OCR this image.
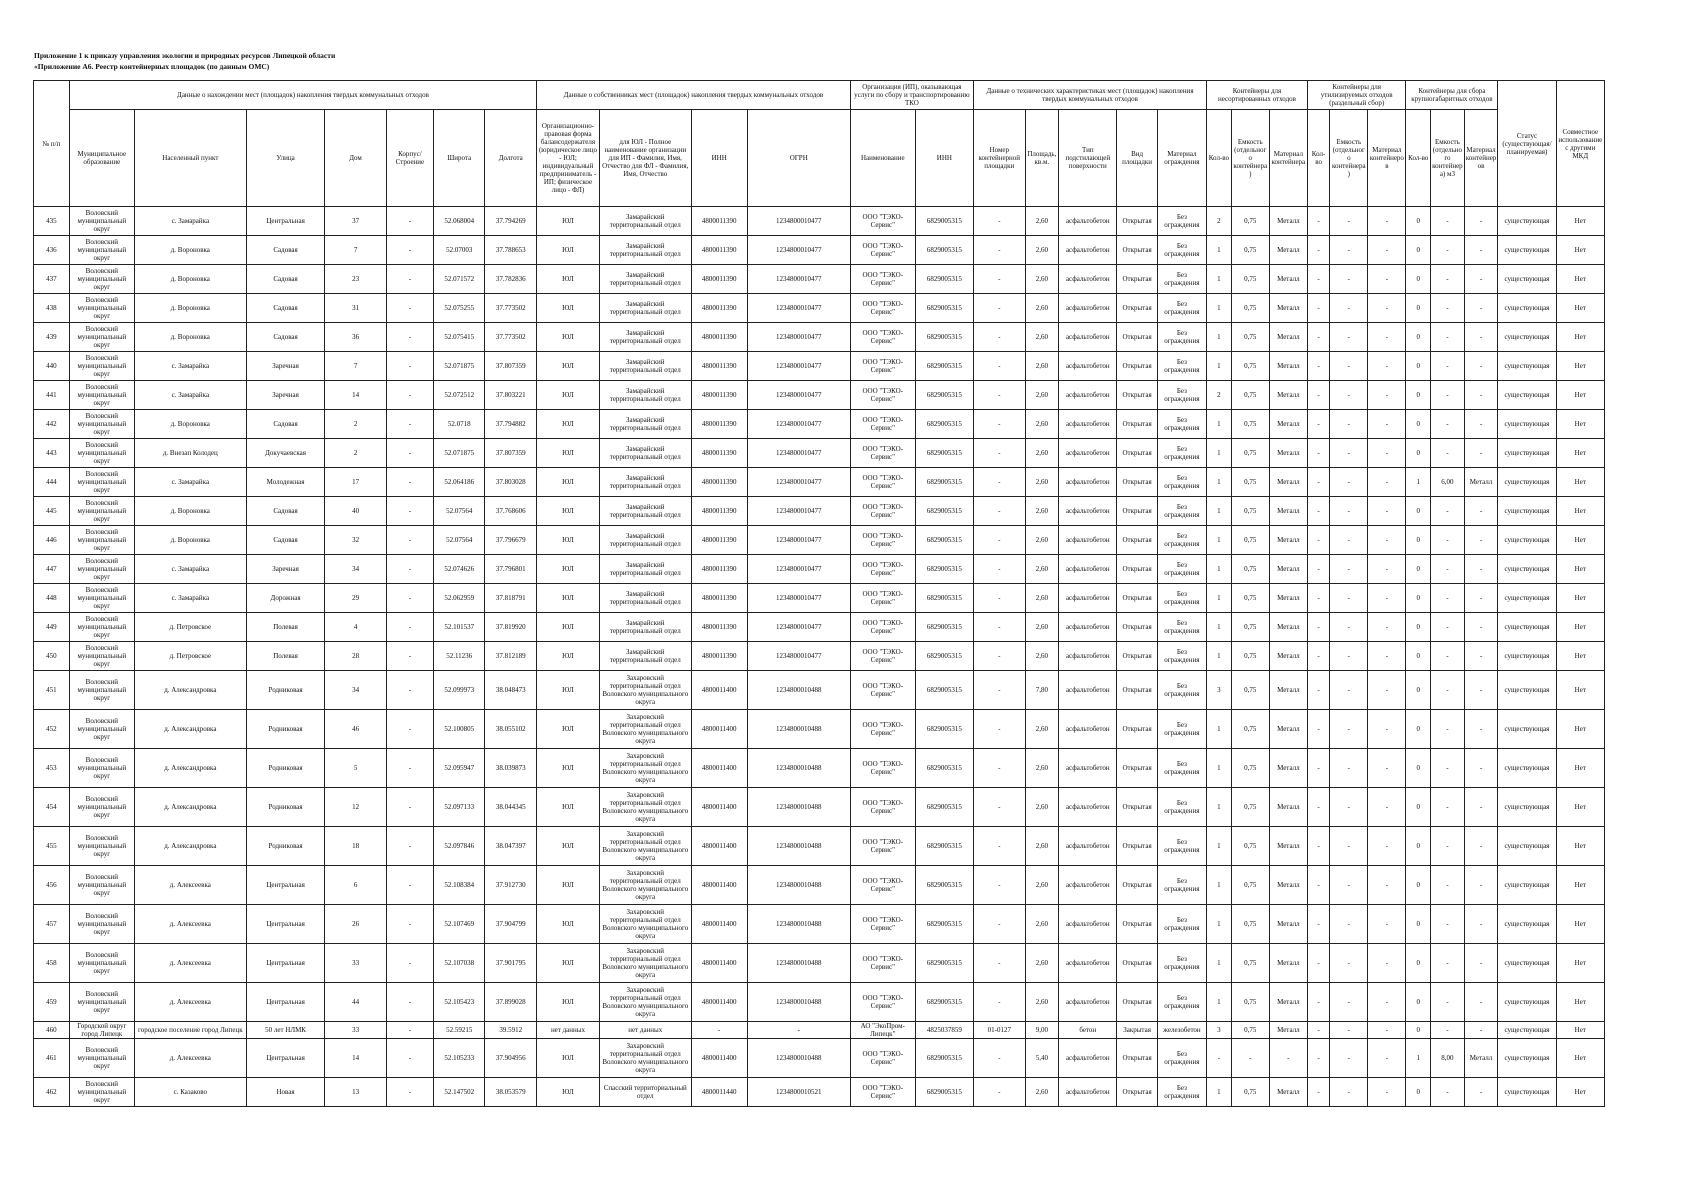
Приложение 1 к приказу управления экологии и природных ресурсов Липецкой области
«Приложение А6. Реестр контейнерных площадок (по данным ОМС)
№ п/п	Данные о нахождении мест (площадок) накопления твердых коммунальных отходов							Данные о собственниках мест (площадок) накопления твердых коммунальных отходов				Организация (ИП), оказывающая услуги по сбору и транспортированию ТКО		Данные о технических характеристиках мест (площадок) накопления твердых коммунальных отходов					Контейнеры для несортированных отходов			Контейнеры для утилизируемых отходов (раздельный сбор)			Контейнеры для сбора крупногабаритных отходов			Статус (существующая/ планируемая)	Совместное использование с другими МКД
	Муниципальное образование	Населенный пункт	Улица	Дом	Корпус/Строение	Широта	Долгота	Организационно-правовая форма балансодержателя (юридическое лицо - ЮЛ; индивидуальный предприниматель - ИП; физическое лицо - ФЛ)	для ЮЛ - Полное наименование организации для ИП - Фамилия, Имя, Отчество для ФЛ - Фамилия, Имя, Отчество	ИНН	ОГРН	Наименование	ИНН	Номер контейнерной площадки	Площадь, кв.м.	Тип подстилающей поверхности	Вид площадки	Материал ограждения	Кол-во	Емкость (отдельного контейнера)	Материал контейнера	Кол-во	Емкость (отдельного контейнера)	Материал контейнеров	Кол-во	Емкость (отдельного контейнера) м3	Материал контейнеров		
435	Воловский муниципальный округ	с. Замарайка	Центральная	37	-	52.068004	37.794269	ЮЛ	Замарайский территориальный отдел	4800011390	1234800010477	ООО "ТЭКО-Сервис"	6829005315	-	2,60	асфальтобетон	Открытая	Без ограждения	2	0,75	Металл	-	-	-	0	-	-	существующая	Нет
436	Воловский муниципальный округ	д. Вороновка	Садовая	7	-	52.07003	37.788653	ЮЛ	Замарайский территориальный отдел	4800011390	1234800010477	ООО "ТЭКО-Сервис"	6829005315	-	2,60	асфальтобетон	Открытая	Без ограждения	1	0,75	Металл	-	-	-	0	-	-	существующая	Нет
437	Воловский муниципальный округ	д. Вороновка	Садовая	23	-	52.071572	37.782836	ЮЛ	Замарайский территориальный отдел	4800011390	1234800010477	ООО "ТЭКО-Сервис"	6829005315	-	2,60	асфальтобетон	Открытая	Без ограждения	1	0,75	Металл	-	-	-	0	-	-	существующая	Нет
438	Воловский муниципальный округ	д. Вороновка	Садовая	31	-	52.075255	37.773502	ЮЛ	Замарайский территориальный отдел	4800011390	1234800010477	ООО "ТЭКО-Сервис"	6829005315	-	2,60	асфальтобетон	Открытая	Без ограждения	1	0,75	Металл	-	-	-	0	-	-	существующая	Нет
439	Воловский муниципальный округ	д. Вороновка	Садовая	36	-	52.075415	37.773502	ЮЛ	Замарайский территориальный отдел	4800011390	1234800010477	ООО "ТЭКО-Сервис"	6829005315	-	2,60	асфальтобетон	Открытая	Без ограждения	1	0,75	Металл	-	-	-	0	-	-	существующая	Нет
440	Воловский муниципальный округ	с. Замарайка	Заречная	7	-	52.071875	37.807359	ЮЛ	Замарайский территориальный отдел	4800011390	1234800010477	ООО "ТЭКО-Сервис"	6829005315	-	2,60	асфальтобетон	Открытая	Без ограждения	1	0,75	Металл	-	-	-	0	-	-	существующая	Нет
441	Воловский муниципальный округ	с. Замарайка	Заречная	14	-	52.072512	37.803221	ЮЛ	Замарайский территориальный отдел	4800011390	1234800010477	ООО "ТЭКО-Сервис"	6829005315	-	2,60	асфальтобетон	Открытая	Без ограждения	2	0,75	Металл	-	-	-	0	-	-	существующая	Нет
442	Воловский муниципальный округ	д. Вороновка	Садовая	2	-	52.0718	37.794882	ЮЛ	Замарайский территориальный отдел	4800011390	1234800010477	ООО "ТЭКО-Сервис"	6829005315	-	2,60	асфальтобетон	Открытая	Без ограждения	1	0,75	Металл	-	-	-	0	-	-	существующая	Нет
443	Воловский муниципальный округ	д. Внезап Колодец	Докучаевская	2	-	52.071875	37.807359	ЮЛ	Замарайский территориальный отдел	4800011390	1234800010477	ООО "ТЭКО-Сервис"	6829005315	-	2,60	асфальтобетон	Открытая	Без ограждения	1	0,75	Металл	-	-	-	0	-	-	существующая	Нет
444	Воловский муниципальный округ	с. Замарайка	Молодежная	17	-	52.064186	37.803028	ЮЛ	Замарайский территориальный отдел	4800011390	1234800010477	ООО "ТЭКО-Сервис"	6829005315	-	2,60	асфальтобетон	Открытая	Без ограждения	1	0,75	Металл	-	-	-	1	6,00	Металл	существующая	Нет
445	Воловский муниципальный округ	д. Вороновка	Садовая	40	-	52.07564	37.768606	ЮЛ	Замарайский территориальный отдел	4800011390	1234800010477	ООО "ТЭКО-Сервис"	6829005315	-	2,60	асфальтобетон	Открытая	Без ограждения	1	0,75	Металл	-	-	-	0	-	-	существующая	Нет
446	Воловский муниципальный округ	д. Вороновка	Садовая	32	-	52.07564	37.796679	ЮЛ	Замарайский территориальный отдел	4800011390	1234800010477	ООО "ТЭКО-Сервис"	6829005315	-	2,60	асфальтобетон	Открытая	Без ограждения	1	0,75	Металл	-	-	-	0	-	-	существующая	Нет
447	Воловский муниципальный округ	с. Замарайка	Заречная	34	-	52.074626	37.796801	ЮЛ	Замарайский территориальный отдел	4800011390	1234800010477	ООО "ТЭКО-Сервис"	6829005315	-	2,60	асфальтобетон	Открытая	Без ограждения	1	0,75	Металл	-	-	-	0	-	-	существующая	Нет
448	Воловский муниципальный округ	с. Замарайка	Дорожная	29	-	52.062959	37.818791	ЮЛ	Замарайский территориальный отдел	4800011390	1234800010477	ООО "ТЭКО-Сервис"	6829005315	-	2,60	асфальтобетон	Открытая	Без ограждения	1	0,75	Металл	-	-	-	0	-	-	существующая	Нет
449	Воловский муниципальный округ	д. Петровское	Полевая	4	-	52.101537	37.819920	ЮЛ	Замарайский территориальный отдел	4800011390	1234800010477	ООО "ТЭКО-Сервис"	6829005315	-	2,60	асфальтобетон	Открытая	Без ограждения	1	0,75	Металл	-	-	-	0	-	-	существующая	Нет
450	Воловский муниципальный округ	д. Петровское	Полевая	28	-	52.11236	37.812189	ЮЛ	Замарайский территориальный отдел	4800011390	1234800010477	ООО "ТЭКО-Сервис"	6829005315	-	2,60	асфальтобетон	Открытая	Без ограждения	1	0,75	Металл	-	-	-	0	-	-	существующая	Нет
451	Воловский муниципальный округ	д. Александровка	Родниковая	34	-	52.099973	38.048473	ЮЛ	Захаровский территориальный отдел Воловского муниципального округа	4800011400	1234800010488	ООО "ТЭКО-Сервис"	6829005315	-	7,80	асфальтобетон	Открытая	Без ограждения	3	0,75	Металл	-	-	-	0	-	-	существующая	Нет
452	Воловский муниципальный округ	д. Александровка	Родниковая	46	-	52.100805	38.055102	ЮЛ	Захаровский территориальный отдел Воловского муниципального округа	4800011400	1234800010488	ООО "ТЭКО-Сервис"	6829005315	-	2,60	асфальтобетон	Открытая	Без ограждения	1	0,75	Металл	-	-	-	0	-	-	существующая	Нет
453	Воловский муниципальный округ	д. Александровка	Родниковая	5	-	52.095947	38.039873	ЮЛ	Захаровский территориальный отдел Воловского муниципального округа	4800011400	1234800010488	ООО "ТЭКО-Сервис"	6829005315	-	2,60	асфальтобетон	Открытая	Без ограждения	1	0,75	Металл	-	-	-	0	-	-	существующая	Нет
454	Воловский муниципальный округ	д. Александровка	Родниковая	12	-	52.097133	38.044345	ЮЛ	Захаровский территориальный отдел Воловского муниципального округа	4800011400	1234800010488	ООО "ТЭКО-Сервис"	6829005315	-	2,60	асфальтобетон	Открытая	Без ограждения	1	0,75	Металл	-	-	-	0	-	-	существующая	Нет
455	Воловский муниципальный округ	д. Александровка	Родниковая	18	-	52.097846	38.047397	ЮЛ	Захаровский территориальный отдел Воловского муниципального округа	4800011400	1234800010488	ООО "ТЭКО-Сервис"	6829005315	-	2,60	асфальтобетон	Открытая	Без ограждения	1	0,75	Металл	-	-	-	0	-	-	существующая	Нет
456	Воловский муниципальный округ	д. Алексеевка	Центральная	6	-	52.108384	37.912730	ЮЛ	Захаровский территориальный отдел Воловского муниципального округа	4800011400	1234800010488	ООО "ТЭКО-Сервис"	6829005315	-	2,60	асфальтобетон	Открытая	Без ограждения	1	0,75	Металл	-	-	-	0	-	-	существующая	Нет
457	Воловский муниципальный округ	д. Алексеевка	Центральная	26	-	52.107469	37.904799	ЮЛ	Захаровский территориальный отдел Воловского муниципального округа	4800011400	1234800010488	ООО "ТЭКО-Сервис"	6829005315	-	2,60	асфальтобетон	Открытая	Без ограждения	1	0,75	Металл	-	-	-	0	-	-	существующая	Нет
458	Воловский муниципальный округ	д. Алексеевка	Центральная	33	-	52.107038	37.901795	ЮЛ	Захаровский территориальный отдел Воловского муниципального округа	4800011400	1234800010488	ООО "ТЭКО-Сервис"	6829005315	-	2,60	асфальтобетон	Открытая	Без ограждения	1	0,75	Металл	-	-	-	0	-	-	существующая	Нет
459	Воловский муниципальный округ	д. Алексеевка	Центральная	44	-	52.105423	37.899028	ЮЛ	Захаровский территориальный отдел Воловского муниципального округа	4800011400	1234800010488	ООО "ТЭКО-Сервис"	6829005315	-	2,60	асфальтобетон	Открытая	Без ограждения	1	0,75	Металл	-	-	-	0	-	-	существующая	Нет
460	Городской округ город Липецк	городское поселение город Липецк	50 лет НЛМК	33	-	52.59215	39.5912	нет данных	нет данных	-	-	АО "ЭкоПром-Липецк"	4825037859	01-0127	9,00	бетон	Закрытая	железобетон	3	0,75	Металл	-	-	-	0	-	-	существующая	Нет
461	Воловский муниципальный округ	д. Алексеевка	Центральная	14	-	52.105233	37.904956	ЮЛ	Захаровский территориальный отдел Воловского муниципального округа	4800011400	1234800010488	ООО "ТЭКО-Сервис"	6829005315	-	5,40	асфальтобетон	Открытая	Без ограждения	-	-	-	-	-	-	1	8,00	Металл	существующая	Нет
462	Воловский муниципальный округ	с. Казаково	Новая	13	-	52.147502	38.053579	ЮЛ	Спасский территориальный отдел	4800011440	1234800010521	ООО "ТЭКО-Сервис"	6829005315	-	2,60	асфальтобетон	Открытая	Без ограждения	1	0,75	Металл	-	-	-	0	-	-	существующая	Нет
